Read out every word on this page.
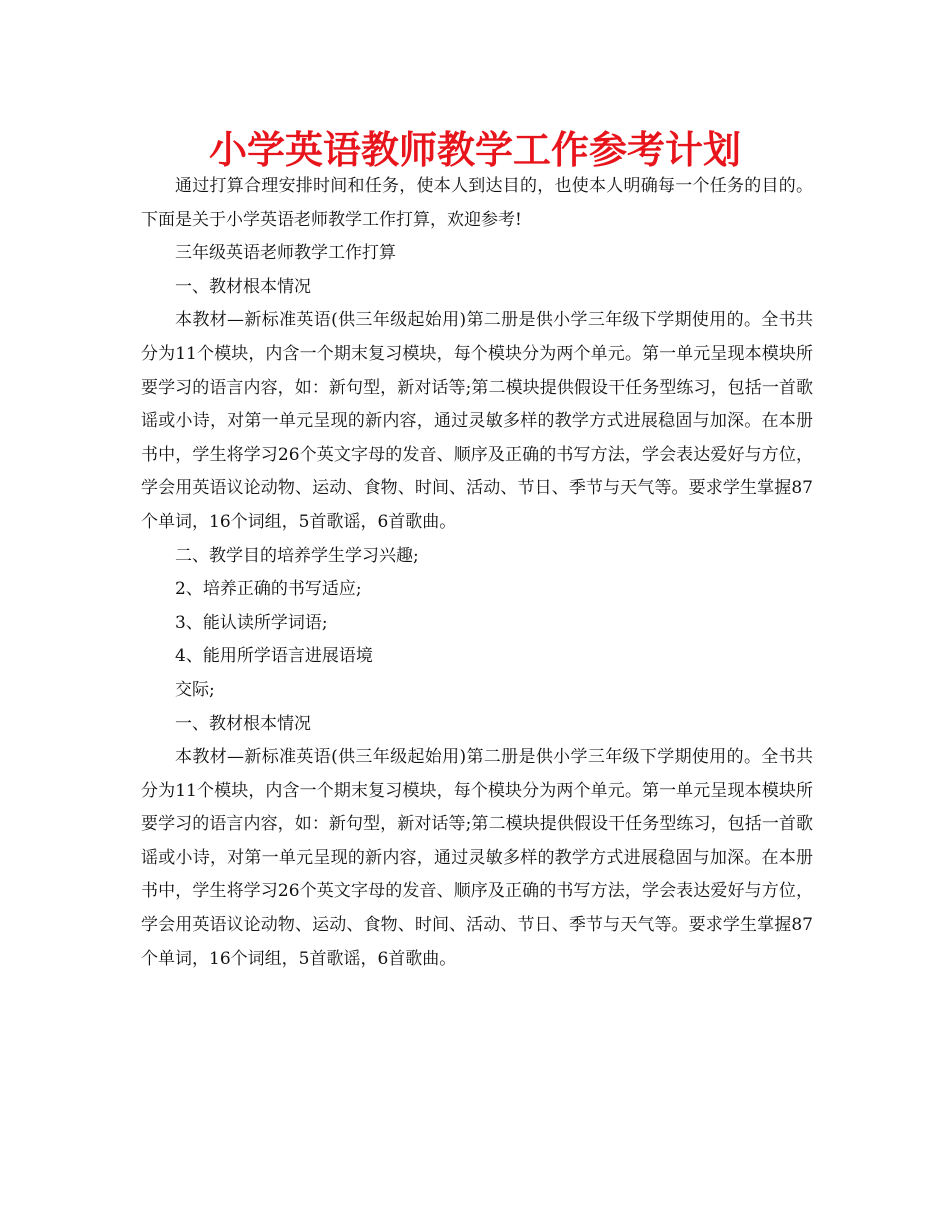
小学英语教师教学工作参考计划

通过打算合理安排时间和任务，使本人到达目的，也使本人明确每一个任务的目的。下面是关于小学英语老师教学工作打算，欢迎参考!

三年级英语老师教学工作打算

一、教材根本情况

本教材—新标准英语(供三年级起始用)第二册是供小学三年级下学期使用的。全书共分为11个模块，内含一个期末复习模块，每个模块分为两个单元。第一单元呈现本模块所要学习的语言内容，如：新句型，新对话等;第二模块提供假设干任务型练习，包括一首歌谣或小诗，对第一单元呈现的新内容，通过灵敏多样的教学方式进展稳固与加深。在本册书中，学生将学习26个英文字母的发音、顺序及正确的书写方法，学会表达爱好与方位，学会用英语议论动物、运动、食物、时间、活动、节日、季节与天气等。要求学生掌握87个单词，16个词组，5首歌谣，6首歌曲。

二、教学目的培养学生学习兴趣;

2、培养正确的书写适应;

3、能认读所学词语;

4、能用所学语言进展语境

交际;

一、教材根本情况

本教材—新标准英语(供三年级起始用)第二册是供小学三年级下学期使用的。全书共分为11个模块，内含一个期末复习模块，每个模块分为两个单元。第一单元呈现本模块所要学习的语言内容，如：新句型，新对话等;第二模块提供假设干任务型练习，包括一首歌谣或小诗，对第一单元呈现的新内容，通过灵敏多样的教学方式进展稳固与加深。在本册书中，学生将学习26个英文字母的发音、顺序及正确的书写方法，学会表达爱好与方位，学会用英语议论动物、运动、食物、时间、活动、节日、季节与天气等。要求学生掌握87个单词，16个词组，5首歌谣，6首歌曲。
